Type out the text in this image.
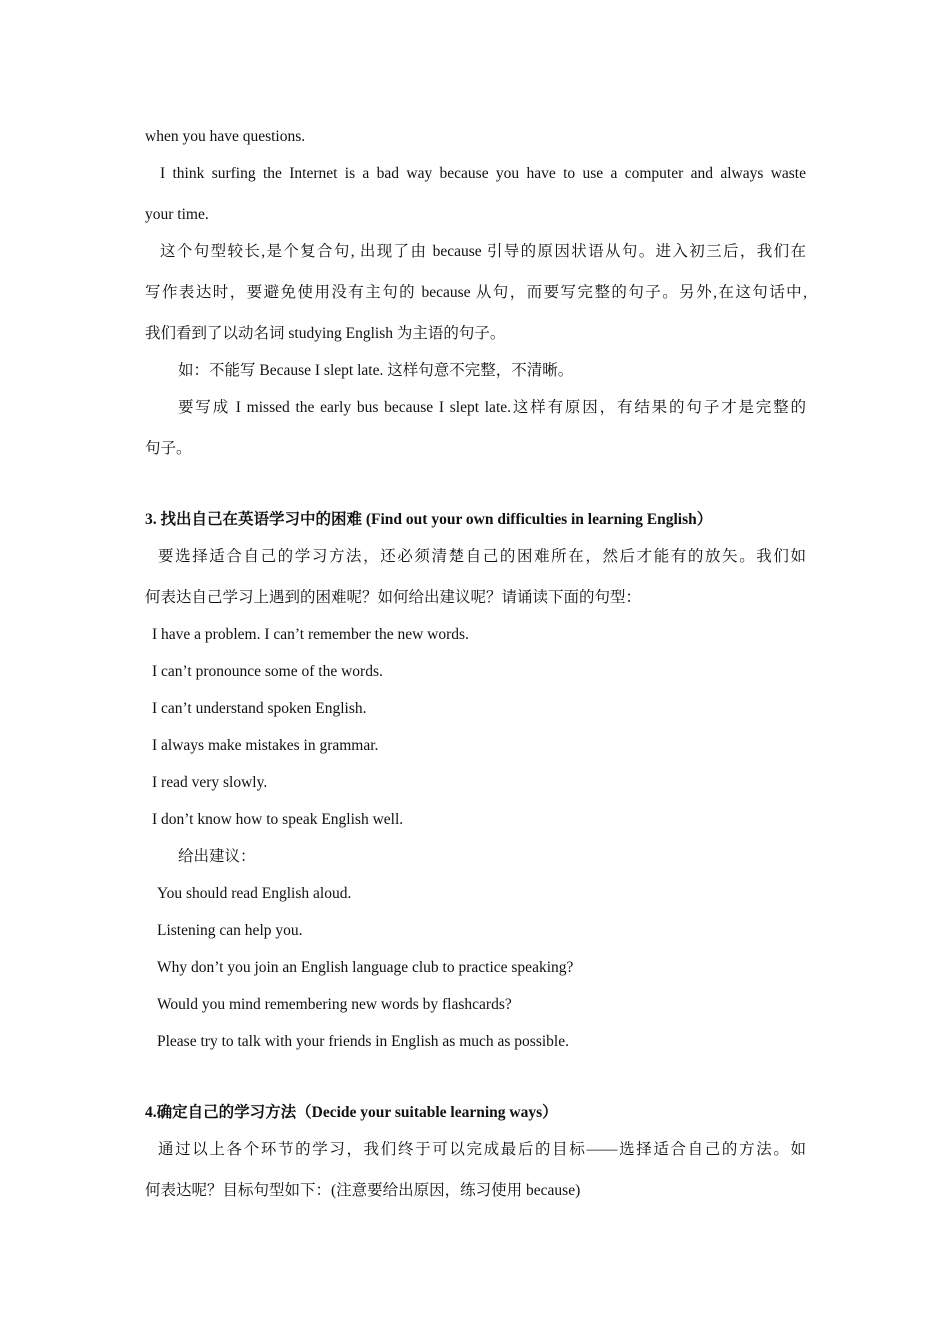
when you have questions.
I think surfing the Internet is a bad way because you have to use a computer and always waste
your time.
这个句型较长,是个复合句, 出现了由 because 引导的原因状语从句。进入初三后，我们在
写作表达时，要避免使用没有主句的 because 从句，而要写完整的句子。另外,在这句话中,
我们看到了以动名词 studying English 为主语的句子。
如：不能写 Because I slept late. 这样句意不完整，不清晰。
要写成 I missed the early bus because I slept late.这样有原因，有结果的句子才是完整的
句子。
3. 找出自己在英语学习中的困难 (Find out your own difficulties in learning English）
要选择适合自己的学习方法，还必须清楚自己的困难所在，然后才能有的放矢。我们如
何表达自己学习上遇到的困难呢？如何给出建议呢？请诵读下面的句型：
I have a problem. I can’t remember the new words.
I can’t pronounce some of the words.
I can’t understand spoken English.
I always make mistakes in grammar.
I read very slowly.
I don’t know how to speak English well.
给出建议：
You should read English aloud.
Listening can help you.
Why don’t you join an English language club to practice speaking?
Would you mind remembering new words by flashcards?
Please try to talk with your friends in English as much as possible.
4.确定自己的学习方法（Decide your suitable learning ways）
通过以上各个环节的学习，我们终于可以完成最后的目标——选择适合自己的方法。如
何表达呢？目标句型如下：(注意要给出原因，练习使用 because)
